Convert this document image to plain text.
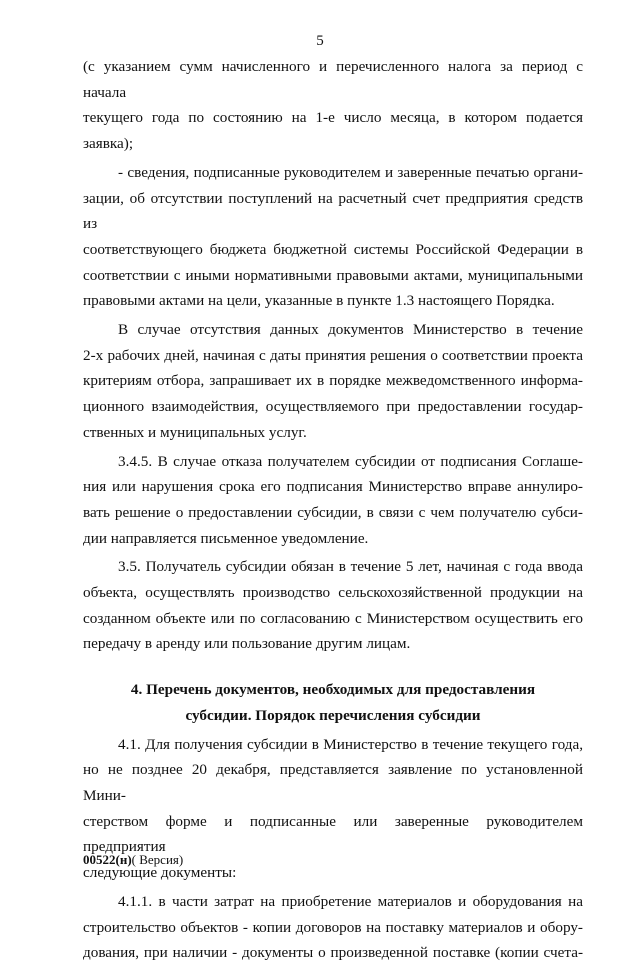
5

(с указанием сумм начисленного и перечисленного налога за период с начала

текущего года по состоянию на 1-е число месяца, в котором подается заявка);

- сведения, подписанные руководителем и заверенные печатью органи-

зации, об отсутствии поступлений на расчетный счет предприятия средств из

соответствующего бюджета бюджетной системы Российской Федерации в

соответствии с иными нормативными правовыми актами, муниципальными

правовыми актами на цели, указанные в пункте 1.3 настоящего Порядка.

В случае отсутствия данных документов Министерство в течение

2-х рабочих дней, начиная с даты принятия решения о соответствии проекта

критериям отбора, запрашивает их в порядке межведомственного информа-

ционного взаимодействия, осуществляемого при предоставлении государ-

ственных и муниципальных услуг.

3.4.5. В случае отказа получателем субсидии от подписания Соглаше-

ния или нарушения срока его подписания Министерство вправе аннулиро-

вать решение о предоставлении субсидии, в связи с чем получателю субси-

дии направляется письменное уведомление.

3.5. Получатель субсидии обязан в течение 5 лет, начиная с года ввода

объекта, осуществлять производство сельскохозяйственной продукции на

созданном объекте или по согласованию с Министерством осуществить его

передачу в аренду или пользование другим лицам.

4. Перечень документов, необходимых для предоставления
субсидии. Порядок перечисления субсидии

4.1. Для получения субсидии в Министерство в течение текущего года,

но не позднее 20 декабря, представляется заявление по установленной Мини-

стерством форме и подписанные или заверенные руководителем предприятия

следующие документы:

4.1.1. в части затрат на приобретение материалов и оборудования на

строительство объектов - копии договоров на поставку материалов и обору-

дования, при наличии - документы о произведенной поставке (копии счета-

00522(н)( Версия)
